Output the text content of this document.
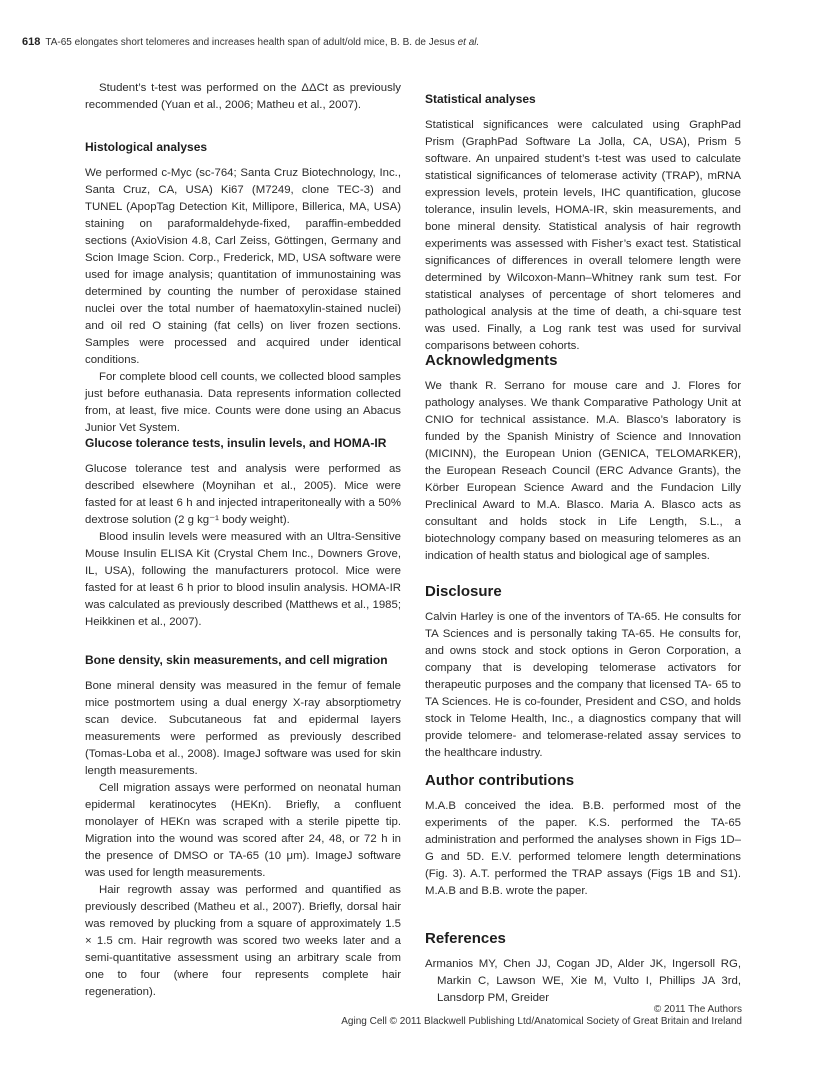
618 TA-65 elongates short telomeres and increases health span of adult/old mice, B. B. de Jesus et al.

Student’s t-test was performed on the ΔΔCt as previously recommended (Yuan et al., 2006; Matheu et al., 2007).

Histological analyses

We performed c-Myc (sc-764; Santa Cruz Biotechnology, Inc., Santa Cruz, CA, USA) Ki67 (M7249, clone TEC-3) and TUNEL (ApopTag Detection Kit, Millipore, Billerica, MA, USA) staining on paraformaldehyde-fixed, paraffin-embedded sections (AxioVision 4.8, Carl Zeiss, Göttingen, Germany and Scion Image Scion. Corp., Frederick, MD, USA software were used for image analysis; quantitation of immunostaining was determined by counting the number of peroxidase stained nuclei over the total number of haematoxylin-stained nuclei) and oil red O staining (fat cells) on liver frozen sections. Samples were processed and acquired under identical conditions.

For complete blood cell counts, we collected blood samples just before euthanasia. Data represents information collected from, at least, five mice. Counts were done using an Abacus Junior Vet System.

Glucose tolerance tests, insulin levels, and HOMA-IR

Glucose tolerance test and analysis were performed as described elsewhere (Moynihan et al., 2005). Mice were fasted for at least 6 h and injected intraperitoneally with a 50% dextrose solution (2 g kg⁻¹ body weight).

Blood insulin levels were measured with an Ultra-Sensitive Mouse Insulin ELISA Kit (Crystal Chem Inc., Downers Grove, IL, USA), following the manufacturers protocol. Mice were fasted for at least 6 h prior to blood insulin analysis. HOMA-IR was calculated as previously described (Matthews et al., 1985; Heikkinen et al., 2007).

Bone density, skin measurements, and cell migration

Bone mineral density was measured in the femur of female mice postmortem using a dual energy X-ray absorptiometry scan device. Subcutaneous fat and epidermal layers measurements were performed as previously described (Tomas-Loba et al., 2008). ImageJ software was used for skin length measurements.

Cell migration assays were performed on neonatal human epidermal keratinocytes (HEKn). Briefly, a confluent monolayer of HEKn was scraped with a sterile pipette tip. Migration into the wound was scored after 24, 48, or 72 h in the presence of DMSO or TA-65 (10 μm). ImageJ software was used for length measurements.

Hair regrowth assay was performed and quantified as previously described (Matheu et al., 2007). Briefly, dorsal hair was removed by plucking from a square of approximately 1.5 × 1.5 cm. Hair regrowth was scored two weeks later and a semi-quantitative assessment using an arbitrary scale from one to four (where four represents complete hair regeneration).

Statistical analyses

Statistical significances were calculated using GraphPad Prism (GraphPad Software La Jolla, CA, USA), Prism 5 software. An unpaired student’s t-test was used to calculate statistical significances of telomerase activity (TRAP), mRNA expression levels, protein levels, IHC quantification, glucose tolerance, insulin levels, HOMA-IR, skin measurements, and bone mineral density. Statistical analysis of hair regrowth experiments was assessed with Fisher’s exact test. Statistical significances of differences in overall telomere length were determined by Wilcoxon-Mann–Whitney rank sum test. For statistical analyses of percentage of short telomeres and pathological analysis at the time of death, a chi-square test was used. Finally, a Log rank test was used for survival comparisons between cohorts.

Acknowledgments

We thank R. Serrano for mouse care and J. Flores for pathology analyses. We thank Comparative Pathology Unit at CNIO for technical assistance. M.A. Blasco’s laboratory is funded by the Spanish Ministry of Science and Innovation (MICINN), the European Union (GENICA, TELOMARKER), the European Reseach Council (ERC Advance Grants), the Körber European Science Award and the Fundacion Lilly Preclinical Award to M.A. Blasco. Maria A. Blasco acts as consultant and holds stock in Life Length, S.L., a biotechnology company based on measuring telomeres as an indication of health status and biological age of samples.

Disclosure

Calvin Harley is one of the inventors of TA-65. He consults for TA Sciences and is personally taking TA-65. He consults for, and owns stock and stock options in Geron Corporation, a company that is developing telomerase activators for therapeutic purposes and the company that licensed TA- 65 to TA Sciences. He is co-founder, President and CSO, and holds stock in Telome Health, Inc., a diagnostics company that will provide telomere- and telomerase-related assay services to the healthcare industry.

Author contributions

M.A.B conceived the idea. B.B. performed most of the experiments of the paper. K.S. performed the TA-65 administration and performed the analyses shown in Figs 1D–G and 5D. E.V. performed telomere length determinations (Fig. 3). A.T. performed the TRAP assays (Figs 1B and S1). M.A.B and B.B. wrote the paper.

References

Armanios MY, Chen JJ, Cogan JD, Alder JK, Ingersoll RG, Markin C, Lawson WE, Xie M, Vulto I, Phillips JA 3rd, Lansdorp PM, Greider

© 2011 The Authors
Aging Cell © 2011 Blackwell Publishing Ltd/Anatomical Society of Great Britain and Ireland
